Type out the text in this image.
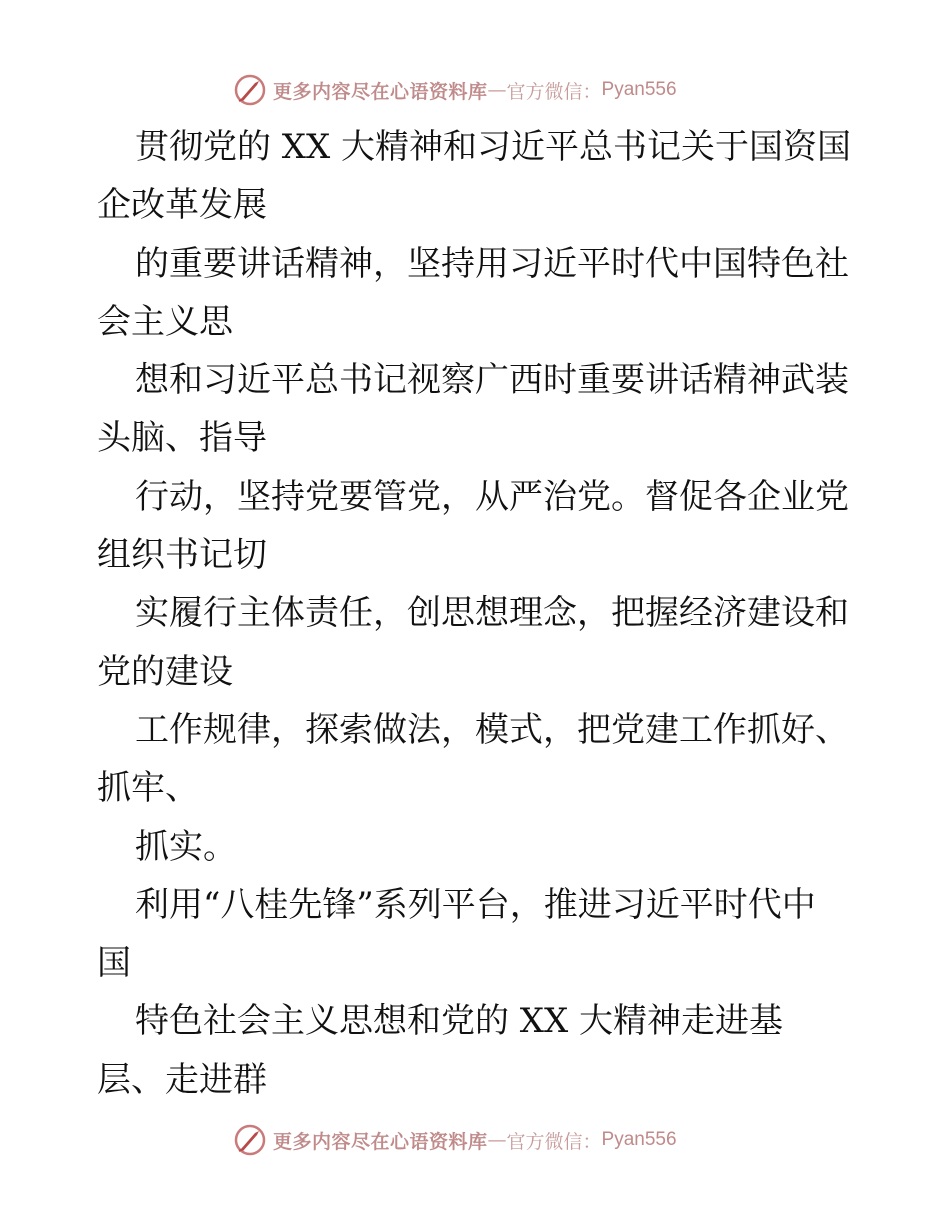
更多内容尽在心语资料库 — 官方微信： Pyan556
贯彻党的 XX 大精神和习近平总书记关于国资国
企改革发展
的重要讲话精神，坚持用习近平时代中国特色社
会主义思
想和习近平总书记视察广西时重要讲话精神武装
头脑、指导
行动，坚持党要管党，从严治党。督促各企业党
组织书记切
实履行主体责任，创思想理念，把握经济建设和
党的建设
工作规律，探索做法，模式，把党建工作抓好、
抓牢、
抓实。
利用“八桂先锋”系列平台，推进习近平时代中
国
特色社会主义思想和党的 XX 大精神走进基
层、走进群
更多内容尽在心语资料库 — 官方微信： Pyan556
